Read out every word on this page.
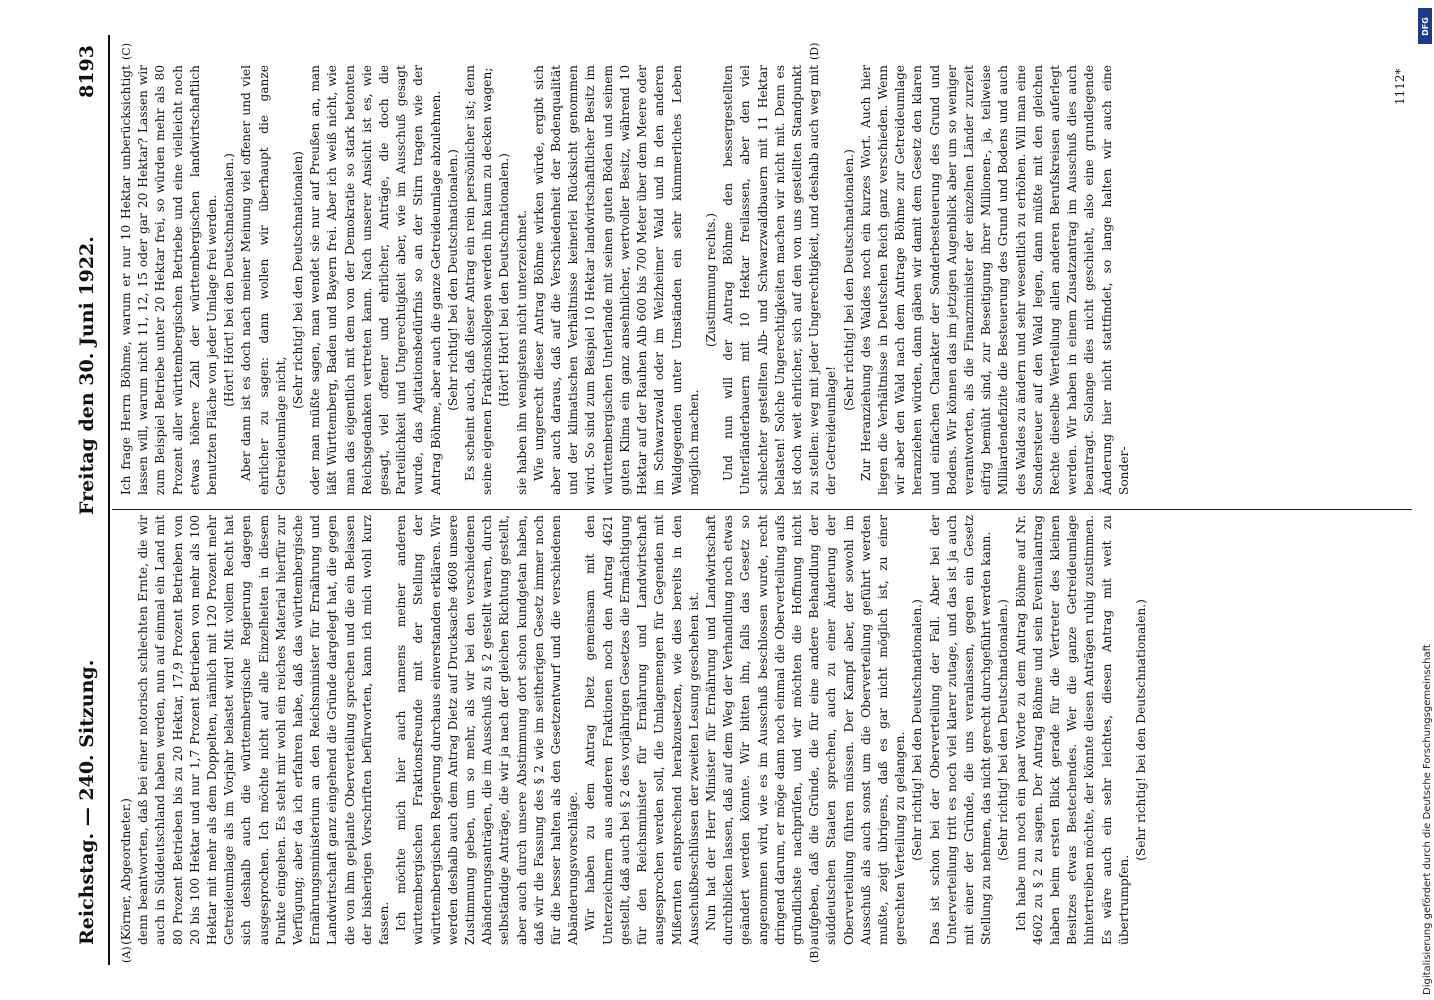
Reichstag. — 240. Sitzung.
Freitag den 30. Juni 1922.
8193
(A)	(B)
(C)	(D)

(Körner, Abgeordneter.) denn beantworten, daß bei einer notorisch schlechten Ernte, die wir auch in Süddeutschland haben werden, nun auf einmal ein Land mit 80 Prozent Betrieben bis zu 20 Hektar, 17,9 Prozent Betrieben von 20 bis 100 Hektar und nur 1,7 Prozent Betrieben von mehr als 100 Hektar mit mehr als dem Doppelten, nämlich mit 120 Prozent mehr Getreideumlage als im Vorjahr belastet wird! Mit vollem Recht hat sich deshalb auch die württembergische Regierung dagegen ausgesprochen. Ich möchte nicht auf alle Einzelheiten in diesem Punkte eingehen. Es steht mir wohl ein reiches Material hierfür zur Verfügung; aber da ich erfahren habe, daß das württembergische Ernährungsministerium an den Reichsminister für Ernährung und Landwirtschaft ganz eingehend die Gründe dargelegt hat, die gegen die von ihm geplante Oberverteilung sprechen und die ein Belassen der bisherigen Vorschriften befürworten, kann ich mich wohl kurz fassen. Ich möchte mich hier auch namens meiner anderen württembergischen Fraktionsfreunde mit der Stellung der württembergischen Regierung durchaus einverstanden erklären. Wir werden deshalb auch dem Antrag Dietz auf Drucksache 4608 unsere Zustimmung geben, um so mehr, als wir bei den verschiedenen Abänderungsanträgen, die im Ausschuß zu § 2 gestellt waren, durch selbständige Anträge, die wir ja nach der gleichen Richtung gestellt, aber auch durch unsere Abstimmung dort schon kundgetan haben, daß wir die Fassung des § 2 wie im seitherigen Gesetz immer noch für die besser halten als den Gesetzentwurf und die verschiedenen Abänderungsvorschläge. Wir haben zu dem Antrag Dietz gemeinsam mit den Unterzeichnern aus anderen Fraktionen noch den Antrag 4621 gestellt, daß auch bei § 2 des vorjährigen Gesetzes die Ermächtigung für den Reichsminister für Ernährung und Landwirtschaft ausgesprochen werden soll, die Umlagemengen für Gegenden mit Mißernten entsprechend herabzusetzen, wie dies bereits in den Ausschußbeschlüssen der zweiten Lesung geschehen ist. Nun hat der Herr Minister für Ernährung und Landwirtschaft durchblicken lassen, daß auf dem Weg der Verhandlung noch etwas geändert werden könnte. Wir bitten ihn, falls das Gesetz so angenommen wird, wie es im Ausschuß beschlossen wurde, recht dringend darum, er möge dann noch einmal die Oberverteilung aufs gründlichste nachprüfen, und wir möchten die Hoffnung nicht aufgeben, daß die Gründe, die für eine andere Behandlung der süddeutschen Staaten sprechen, auch zu einer Änderung der Oberverteilung führen müssen. Der Kampf aber, der sowohl im Ausschuß als auch sonst um die Oberverteilung geführt werden mußte, zeigt übrigens, daß es gar nicht möglich ist, zu einer gerechten Verteilung zu gelangen. (Sehr richtig! bei den Deutschnationalen.) Das ist schon bei der Oberverteilung der Fall. Aber bei der Unterverteilung tritt es noch viel klarer zutage, und das ist ja auch mit einer der Gründe, die uns veranlassen, gegen ein Gesetz Stellung zu nehmen, das nicht gerecht durchgeführt werden kann. (Sehr richtig! bei den Deutschnationalen.) Ich habe nun noch ein paar Worte zu dem Antrag Böhme auf Nr. 4602 zu § 2 zu sagen. Der Antrag Böhme und sein Eventualantrag haben beim ersten Blick gerade für die Vertreter des kleinen Besitzes etwas Bestechendes. Wer die ganze Getreideumlage hintertreiben möchte, der könnte diesen Anträgen ruhig zustimmen. Es wäre auch ein sehr leichtes, diesen Antrag mit weit zu übertrumpfen.

(Sehr richtig! bei den Deutschnationalen.)

Ich frage Herrn Böhme, warum er nur 10 Hektar unberücksichtigt lassen will, warum nicht 11, 12, 15 oder gar 20 Hektar? Lassen wir zum Beispiel Betriebe unter 20 Hektar frei, so würden mehr als 80 Prozent aller württembergischen Betriebe und eine vielleicht noch etwas höhere Zahl der württembergischen landwirtschaftlich benutzten Fläche von jeder Umlage frei werden. (Hört! Hört! bei den Deutschnationalen.) Aber dann ist es doch nach meiner Meinung viel offener und viel ehrlicher zu sagen: dann wollen wir überhaupt die ganze Getreideumlage nicht,

(Sehr richtig! bei den Deutschnationalen) oder man müßte sagen, man wendet sie nur auf Preußen an, man läßt Württemberg, Baden und Bayern frei. Aber ich weiß nicht, wie man das eigentlich mit dem von der Demokratie so stark betonten Reichsgedanken vertreten kann. Nach unserer Ansicht ist es, wie gesagt, viel offener und ehrlicher, Anträge, die doch die Parteilichkeit und Ungerechtigkeit aber, wie im Ausschuß gesagt wurde, das Agitationsbedürfnis so an der Stirn tragen wie der Antrag Böhme, aber auch die ganze Getreideumlage abzulehnen. (Sehr richtig! bei den Deutschnationalen.) Es scheint auch, daß dieser Antrag ein rein persönlicher ist; denn seine eigenen Fraktionskollegen werden ihn kaum zu decken wagen; (Hört! Hört! bei den Deutschnationalen.) sie haben ihn wenigstens nicht unterzeichnet. Wie ungerecht dieser Antrag Böhme wirken würde, ergibt sich aber auch daraus, daß auf die Verschiedenheit der Bodenqualität und der klimatischen Verhältnisse keinerlei Rücksicht genommen wird. So sind zum Beispiel 10 Hektar landwirtschaftlicher Besitz im württembergischen Unterlande mit seinen guten Böden und seinem guten Klima ein ganz ansehnlicher, wertvoller Besitz, während 10 Hektar auf der Rauhen Alb 600 bis 700 Meter über dem Meere oder im Schwarzwald oder im Welzheimer Wald und in den anderen Waldgegenden unter Umständen ein sehr kümmerliches Leben möglich machen.

(Zustimmung rechts.) Und nun will der Antrag Böhme den bessergestellten Unterländerbauern mit 10 Hektar freilassen, aber den viel schlechter gestellten Alb- und Schwarzwaldbauern mit 11 Hektar belasten! Solche Ungerechtigkeiten machen wir nicht mit. Denn es ist doch weit ehrlicher, sich auf den von uns gestellten Standpunkt zu stellen: weg mit jeder Ungerechtigkeit, und deshalb auch weg mit der Getreideumlage!

(Sehr richtig! bei den Deutschnationalen.) Zur Heranziehung des Waldes noch ein kurzes Wort. Auch hier liegen die Verhältnisse in Deutschen Reich ganz verschieden. Wenn wir aber den Wald nach dem Antrage Böhme zur Getreideumlage heranziehen würden, dann gäben wir damit dem Gesetz den klaren und einfachen Charakter der Sonderbesteuerung des Grund und Bodens. Wir können das im jetzigen Augenblick aber um so weniger verantworten, als die Finanzminister der einzelnen Länder zurzeit eifrig bemüht sind, zur Beseitigung ihrer Millionen-, ja, teilweise Milliardendefizite die Besteuerung des Grund und Bodens und auch des Waldes zu ändern und sehr wesentlich zu erhöhen. Will man eine Sondersteuer auf den Wald legen, dann müßte mit den gleichen Rechte dieselbe Werteilung allen anderen Berufskreisen auferlegt werden. Wir haben in einem Zusatzantrag im Ausschuß dies auch beantragt. Solange dies nicht geschieht, also eine grundlegende Änderung hier nicht stattfindet, so lange halten wir auch eine Sonder-

1112*
Digitalisierung gefördert durch die Deutsche Forschungsgemeinschaft
DFG
